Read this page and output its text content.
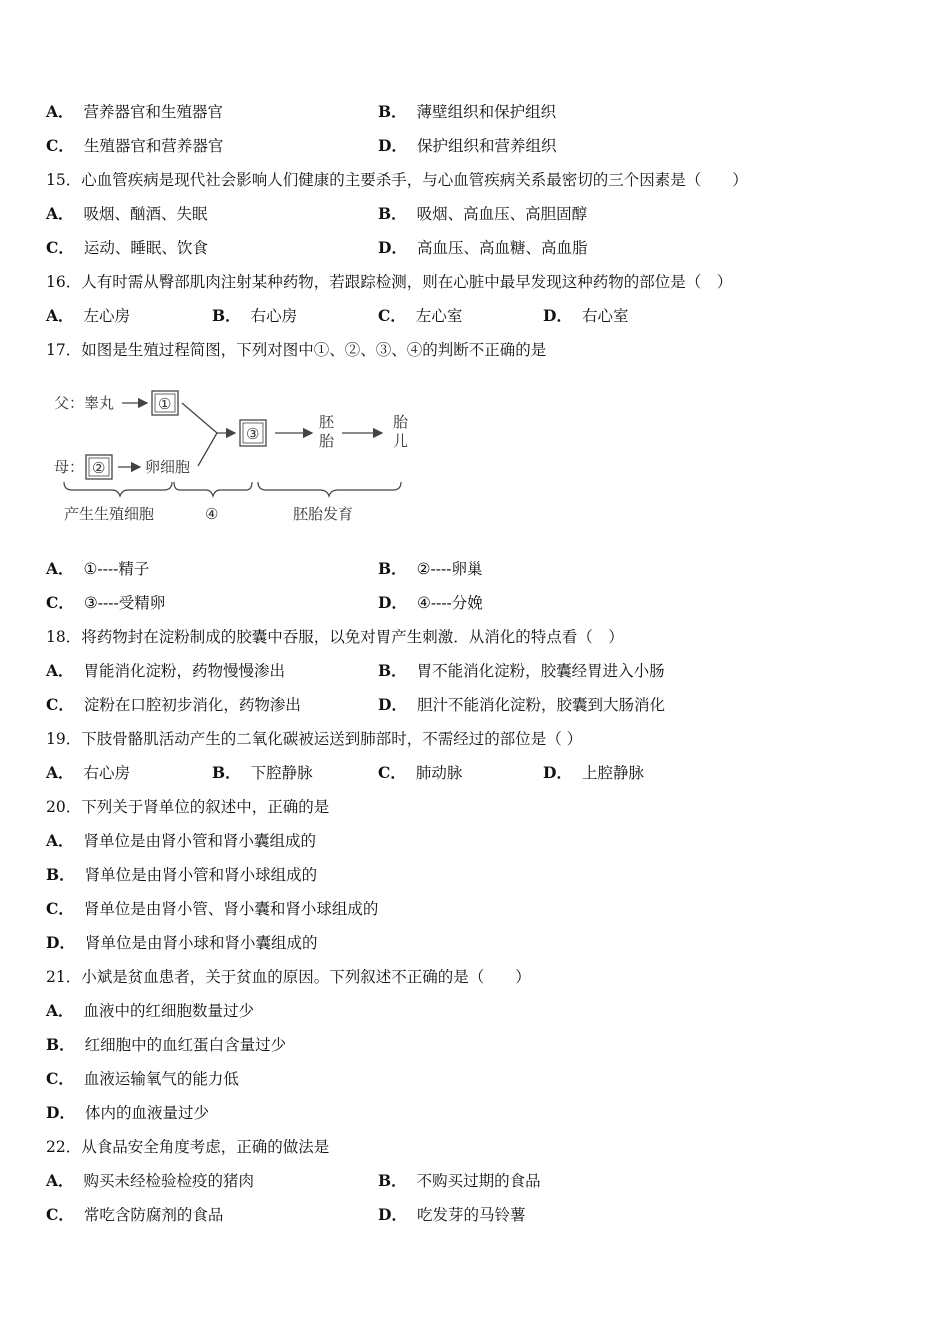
A． 营养器官和生殖器官	B． 薄壁组织和保护组织
C． 生殖器官和营养器官	D． 保护组织和营养组织
15．心血管疾病是现代社会影响人们健康的主要杀手，与心血管疾病关系最密切的三个因素是（　　）
A． 吸烟、酗酒、失眠	B． 吸烟、高血压、高胆固醇
C． 运动、睡眠、饮食	D． 高血压、高血糖、高血脂
16．人有时需从臀部肌肉注射某种药物，若跟踪检测，则在心脏中最早发现这种药物的部位是（　）
A． 左心房	B． 右心房	C． 左心室	D． 右心室
17．如图是生殖过程简图，下列对图中①、②、③、④的判断不正确的是
父：睾丸	①
母： ②	卵细胞
③
胚
胎
胎
儿
产生生殖细胞	④	胚胎发育
A． ①----精子	B． ②----卵巢
C． ③----受精卵	D． ④----分娩
18．将药物封在淀粉制成的胶囊中吞服，以免对胃产生刺激．从消化的特点看（　）
A． 胃能消化淀粉，药物慢慢渗出	B． 胃不能消化淀粉，胶囊经胃进入小肠
C． 淀粉在口腔初步消化，药物渗出	D． 胆汁不能消化淀粉，胶囊到大肠消化
19．下肢骨骼肌活动产生的二氧化碳被运送到肺部时，不需经过的部位是（ ）
A． 右心房	B． 下腔静脉	C． 肺动脉	D． 上腔静脉
20．下列关于肾单位的叙述中，正确的是
A． 肾单位是由肾小管和肾小囊组成的
B． 肾单位是由肾小管和肾小球组成的
C． 肾单位是由肾小管、肾小囊和肾小球组成的
D． 肾单位是由肾小球和肾小囊组成的
21．小斌是贫血患者，关于贫血的原因。下列叙述不正确的是（　　）
A． 血液中的红细胞数量过少
B． 红细胞中的血红蛋白含量过少
C． 血液运输氧气的能力低
D． 体内的血液量过少
22．从食品安全角度考虑，正确的做法是
A． 购买未经检验检疫的猪肉	B． 不购买过期的食品
C． 常吃含防腐剂的食品	D． 吃发芽的马铃薯
